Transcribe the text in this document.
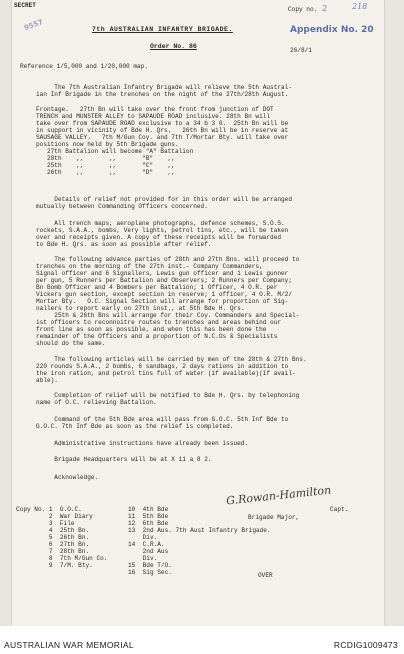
SECRET
Copy no. 2	218
9557	7th AUSTRALIAN INFANTRY BRIGADE.	Appendix No. 20
Order No. 86
26/8/1
Reference 1/5,000 and 1/20,000 map.
The 7th Australian Infantry Brigade will relieve the 5th Austral-
ian Inf Brigade in the trenches on the night of the 27th/28th August.
Frontage.   27th Bn will take over the front from junction of DOT
TRENCH and MUNSTER ALLEY to SAPAUDE ROAD inclusive. 28th Bn will
take over from SAPAUDE ROAD exclusive to a 34 b 3 0.  25th Bn will be
in support in vicinity of Bde H. Qrs.   26th Bn will be in reserve at
SAUSAGE VALLEY.   7th M/Gun Coy. and 7th T/Mortar Bty. will take over
positions now held by 5th Brigade guns.
27th Battalion will become "A" Battalion
28th    ,,       ,,       "B"    ,,
25th    ,,       ,,       "C"    ,,
26th    ,,       ,,       "D"    ,,
Details of relief not provided for in this order will be arranged
mutually between Commanding Officers concerned.
All trench maps, aeroplane photographs, defence schemes, S.O.S.
rockets, S.A.A., bombs, Very lights, petrol tins, etc., will be taken
over and receipts given. A copy of these receipts will be forwarded
to Bde H. Qrs. as soon as possible after relief.
The following advance parties of 28th and 27th Bns. will proceed to
trenches on the morning of the 27th inst.- Company Commanders,
Signal officer and 6 Signallers, Lewis gun officer and 1 Lewis gunner
per gun, 5 Runners per Battalion and Observers; 2 Runners per Company;
Bn Bomb Officer and 4 Bombers per Battalion; 1 Officer, 4 O.R. per
Vickers gun section, except section in reserve; 1 officer, 4 O.R. M/2/
Mortar Bty.   O.C. Signal Section will arrange for proportion of Sig-
nallers to report early on 27th inst., at 5th Bde H. Qrs.
25th & 26th Bns will arrange for their Coy. Commanders and Special-
ist officers to reconnoitre routes to trenches and areas behind our
front line as soon as possible, and when this has been done the
remainder of the Officers and a proportion of N.C.Os & Specialists
should do the same.
The following articles will be carried by men of the 28th & 27th Bns.
220 rounds S.A.A., 2 bombs, 6 sandbags, 2 days rations in addition to
the iron ration, and petrol tins full of water (if available)(if avail-
able).
Completion of relief will be notified to Bde H. Qrs. by telephoning
name of O.C. relieving Battalion.
Command of the 5th Bde area will pass from G.O.C. 5th Inf Bde to
G.O.C. 7th Inf Bde as soon as the relief is completed.
Administrative instructions have already been issued.
Brigade Headquarters will be at X 11 a 8 2.
Acknowledge.
G.Rowan-Hamilton
Capt.
Brigade Major,
Copy No. 1  G.O.C.
2  War Diary
3  File
4  25th Bn.
5  26th Bn.
6  27th Bn.
7  28th Bn.
8  7th M/Gun Co.
9  7/M. Bty.
10  4th Bde
11  5th Bde
12  6th Bde
13  2nd Aus. 7th Aust Infantry Brigade.
Div.
14  C.R.A.
2nd Aus
Div.
15  Bde T/O.
16  Sig Sec.	OVER
AUSTRALIAN WAR MEMORIAL	RCDIG1009473
